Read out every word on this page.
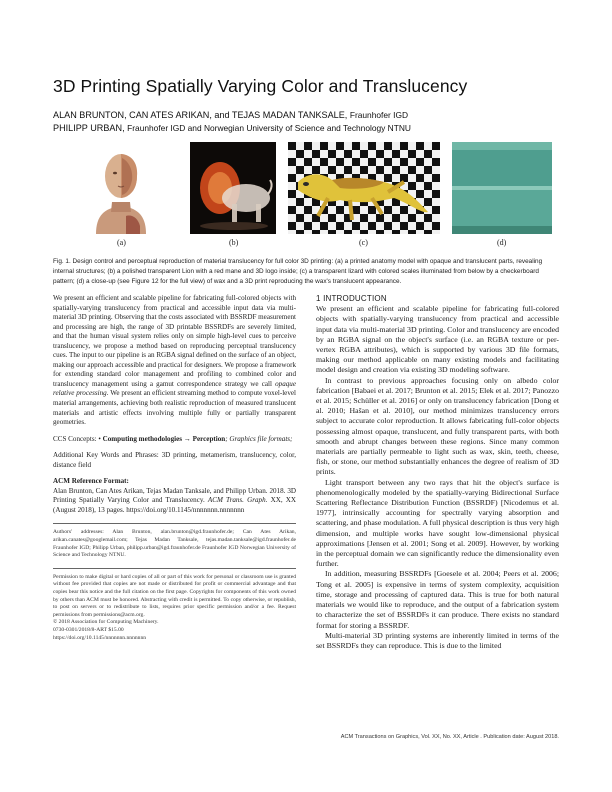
3D Printing Spatially Varying Color and Translucency
ALAN BRUNTON, CAN ATES ARIKAN, and TEJAS MADAN TANKSALE, Fraunhofer IGD
PHILIPP URBAN, Fraunhofer IGD and Norwegian University of Science and Technology NTNU
(a)	(b)	(c)	(d)

Fig. 1. Design control and perceptual reproduction of material translucency for full color 3D printing: (a) a printed anatomy model with opaque and translucent parts, revealing internal structures; (b) a polished transparent Lion with a red mane and 3D logo inside; (c) a transparent lizard with colored scales illuminated from below by a checkerboard pattern; (d) a close-up (see Figure 12 for the full view) of wax and a 3D print reproducing the wax's translucent appearance.

We present an efficient and scalable pipeline for fabricating full-colored objects with spatially-varying translucency from practical and accessible input data via multi-material 3D printing. Observing that the costs associated with BSSRDF measurement and processing are high, the range of 3D printable BSSRDFs are severely limited, and that the human visual system relies only on simple high-level cues to perceive translucency, we propose a method based on reproducing perceptual translucency cues. The input to our pipeline is an RGBA signal defined on the surface of an object, making our approach accessible and practical for designers. We propose a framework for extending standard color management and profiling to combined color and translucency management using a gamut correspondence strategy we call opaque relative processing. We present an efficient streaming method to compute voxel-level material arrangements, achieving both realistic reproduction of measured translucent materials and artistic effects involving multiple fully or partially transparent geometries.

CCS Concepts: • Computing methodologies → Perception; Graphics file formats;

Additional Key Words and Phrases: 3D printing, metamerism, translucency, color, distance field

ACM Reference Format:

Alan Brunton, Can Ates Arikan, Tejas Madan Tanksale, and Philipp Urban. 2018. 3D Printing Spatially Varying Color and Translucency. ACM Trans. Graph. XX, XX (August 2018), 13 pages. https://doi.org/10.1145/nnnnnnn.nnnnnnn

Authors' addresses: Alan Brunton, alan.brunton@igd.fraunhofer.de; Can Ates Arikan, arikan.canates@googlemail.com; Tejas Madan Tanksale, tejas.madan.tanksale@igd.fraunhofer.de Fraunhofer IGD; Philipp Urban, philipp.urban@igd.fraunhofer.de Fraunhofer IGD Norwegian University of Science and Technology NTNU.

Permission to make digital or hard copies of all or part of this work for personal or classroom use is granted without fee provided that copies are not made or distributed for profit or commercial advantage and that copies bear this notice and the full citation on the first page. Copyrights for components of this work owned by others than ACM must be honored. Abstracting with credit is permitted. To copy otherwise, or republish, to post on servers or to redistribute to lists, requires prior specific permission and/or a fee. Request permissions from permissions@acm.org.

© 2018 Association for Computing Machinery.

0730-0301/2018/8-ART $15.00

https://doi.org/10.1145/nnnnnnn.nnnnnnn

1 INTRODUCTION

We present an efficient and scalable pipeline for fabricating full-colored objects with spatially-varying translucency from practical and accessible input data via multi-material 3D printing. Color and translucency are encoded by an RGBA signal on the object's surface (i.e. an RGBA texture or per-vertex RGBA attributes), which is supported by various 3D file formats, making our method applicable on many existing models and facilitating model design and creation via existing 3D modeling software.

In contrast to previous approaches focusing only on albedo color fabrication [Babaei et al. 2017; Brunton et al. 2015; Elek et al. 2017; Panozzo et al. 2015; Schüller et al. 2016] or only on translucency fabrication [Dong et al. 2010; Hašan et al. 2010], our method minimizes translucency errors subject to accurate color reproduction. It allows fabricating full-color objects possessing almost opaque, translucent, and fully transparent parts, with both smooth and abrupt changes between these regions. Since many common materials are partially permeable to light such as wax, skin, teeth, cheese, fish, or stone, our method substantially enhances the degree of realism of 3D prints.

Light transport between any two rays that hit the object's surface is phenomenologically modeled by the spatially-varying Bidirectional Surface Scattering Reflectance Distribution Function (BSSRDF) [Nicodemus et al. 1977], intrinsically accounting for spectrally varying absorption and scattering, and phase modulation. A full physical description is thus very high dimension, and multiple works have sought low-dimensional physical approximations [Jensen et al. 2001; Song et al. 2009]. However, by working in the perceptual domain we can significantly reduce the dimensionality even further.

In addition, measuring BSSRDFs [Goesele et al. 2004; Peers et al. 2006; Tong et al. 2005] is expensive in terms of system complexity, acquisition time, storage and processing of captured data. This is true for both natural materials we would like to reproduce, and the output of a fabrication system to characterize the set of BSSRDFs it can produce. There exists no standard format for storing a BSSRDF.

Multi-material 3D printing systems are inherently limited in terms of the set BSSRDFs they can reproduce. This is due to the limited

ACM Transactions on Graphics, Vol. XX, No. XX, Article . Publication date: August 2018.
